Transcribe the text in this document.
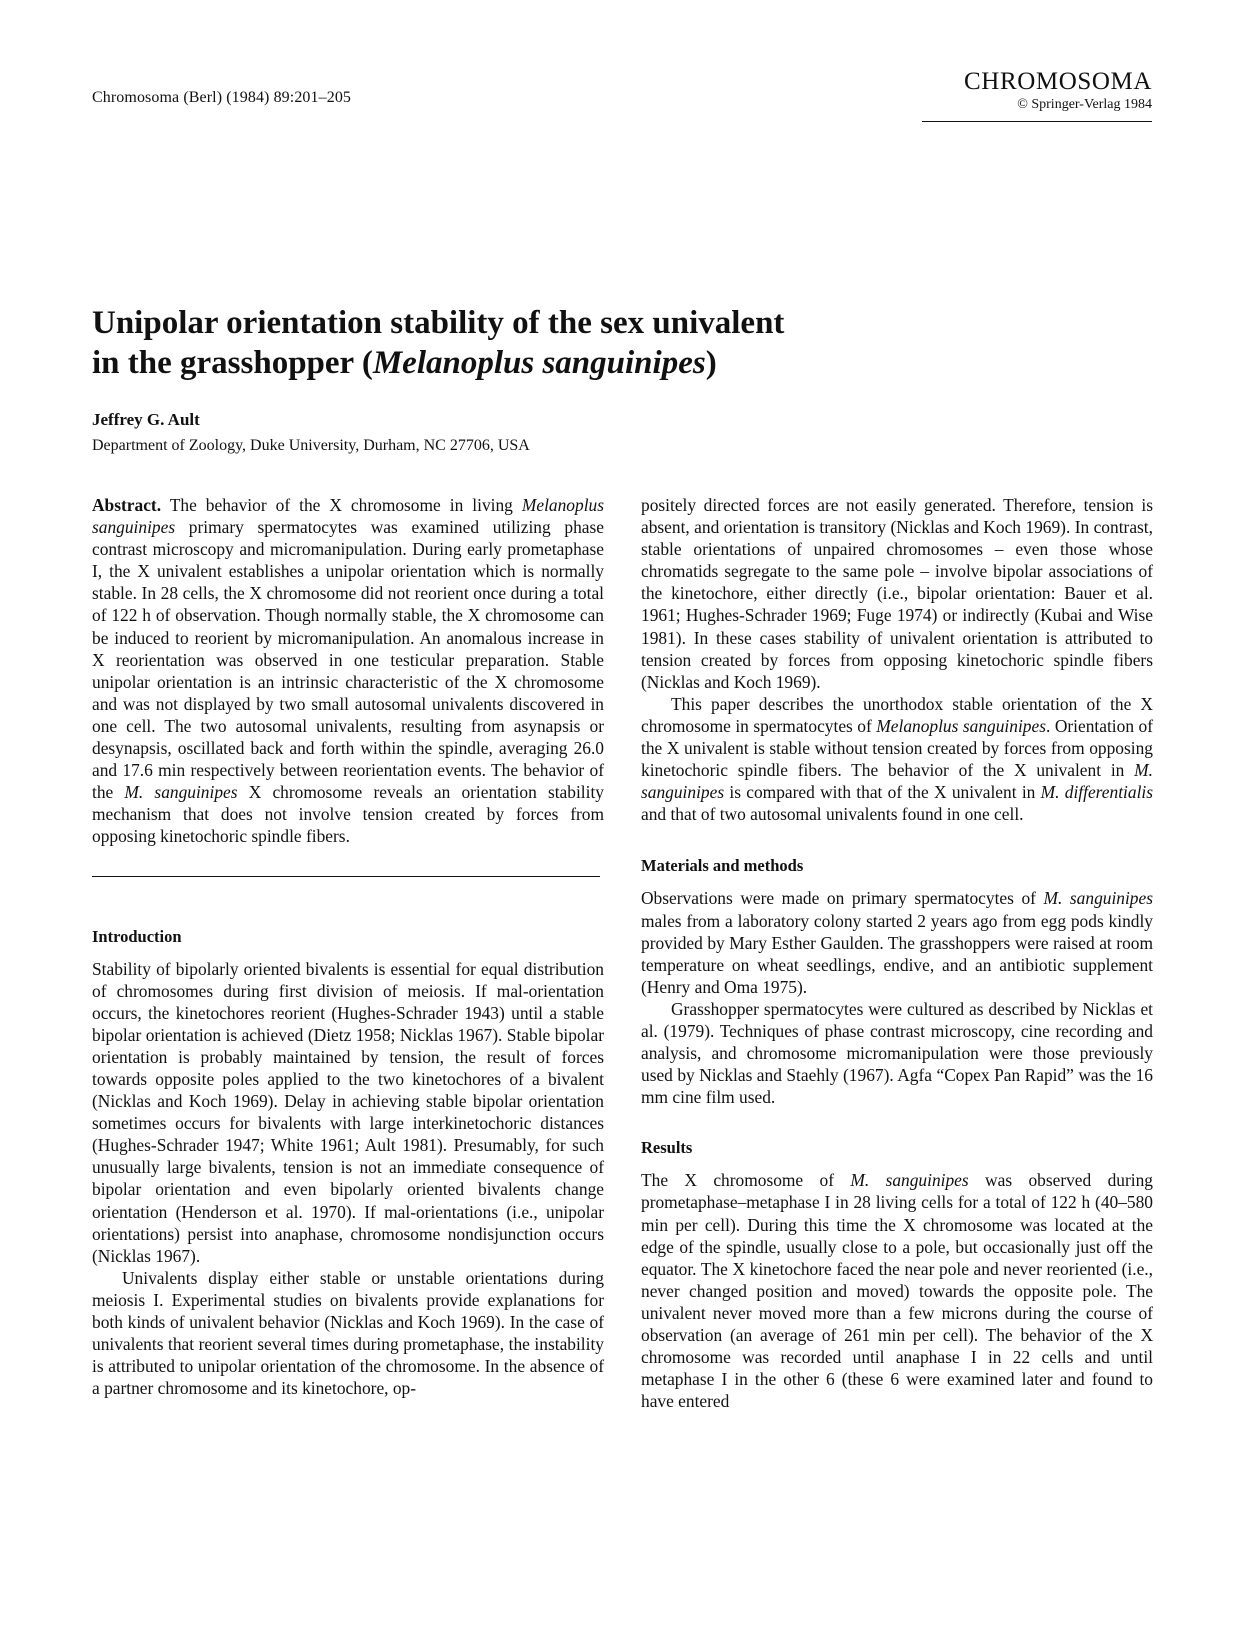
Chromosoma (Berl) (1984) 89:201–205
CHROMOSOMA
© Springer-Verlag 1984
Unipolar orientation stability of the sex univalent
in the grasshopper (Melanoplus sanguinipes)
Jeffrey G. Ault
Department of Zoology, Duke University, Durham, NC 27706, USA

Abstract. The behavior of the X chromosome in living Melanoplus sanguinipes primary spermatocytes was examined utilizing phase contrast microscopy and micromanipulation. During early prometaphase I, the X univalent establishes a unipolar orientation which is normally stable. In 28 cells, the X chromosome did not reorient once during a total of 122 h of observation. Though normally stable, the X chromosome can be induced to reorient by micromanipulation. An anomalous increase in X reorientation was observed in one testicular preparation. Stable unipolar orientation is an intrinsic characteristic of the X chromosome and was not displayed by two small autosomal univalents discovered in one cell. The two autosomal univalents, resulting from asynapsis or desynapsis, oscillated back and forth within the spindle, averaging 26.0 and 17.6 min respectively between reorientation events. The behavior of the M. sanguinipes X chromosome reveals an orientation stability mechanism that does not involve tension created by forces from opposing kinetochoric spindle fibers.

Introduction

Stability of bipolarly oriented bivalents is essential for equal distribution of chromosomes during first division of meiosis. If mal-orientation occurs, the kinetochores reorient (Hughes-Schrader 1943) until a stable bipolar orientation is achieved (Dietz 1958; Nicklas 1967). Stable bipolar orientation is probably maintained by tension, the result of forces towards opposite poles applied to the two kinetochores of a bivalent (Nicklas and Koch 1969). Delay in achieving stable bipolar orientation sometimes occurs for bivalents with large interkinetochoric distances (Hughes-Schrader 1947; White 1961; Ault 1981). Presumably, for such unusually large bivalents, tension is not an immediate consequence of bipolar orientation and even bipolarly oriented bivalents change orientation (Henderson et al. 1970). If mal-orientations (i.e., unipolar orientations) persist into anaphase, chromosome nondisjunction occurs (Nicklas 1967).

Univalents display either stable or unstable orientations during meiosis I. Experimental studies on bivalents provide explanations for both kinds of univalent behavior (Nicklas and Koch 1969). In the case of univalents that reorient several times during prometaphase, the instability is attributed to unipolar orientation of the chromosome. In the absence of a partner chromosome and its kinetochore, op-

positely directed forces are not easily generated. Therefore, tension is absent, and orientation is transitory (Nicklas and Koch 1969). In contrast, stable orientations of unpaired chromosomes – even those whose chromatids segregate to the same pole – involve bipolar associations of the kinetochore, either directly (i.e., bipolar orientation: Bauer et al. 1961; Hughes-Schrader 1969; Fuge 1974) or indirectly (Kubai and Wise 1981). In these cases stability of univalent orientation is attributed to tension created by forces from opposing kinetochoric spindle fibers (Nicklas and Koch 1969).

This paper describes the unorthodox stable orientation of the X chromosome in spermatocytes of Melanoplus sanguinipes. Orientation of the X univalent is stable without tension created by forces from opposing kinetochoric spindle fibers. The behavior of the X univalent in M. sanguinipes is compared with that of the X univalent in M. differentialis and that of two autosomal univalents found in one cell.

Materials and methods

Observations were made on primary spermatocytes of M. sanguinipes males from a laboratory colony started 2 years ago from egg pods kindly provided by Mary Esther Gaulden. The grasshoppers were raised at room temperature on wheat seedlings, endive, and an antibiotic supplement (Henry and Oma 1975).

Grasshopper spermatocytes were cultured as described by Nicklas et al. (1979). Techniques of phase contrast microscopy, cine recording and analysis, and chromosome micromanipulation were those previously used by Nicklas and Staehly (1967). Agfa “Copex Pan Rapid” was the 16 mm cine film used.

Results

The X chromosome of M. sanguinipes was observed during prometaphase–metaphase I in 28 living cells for a total of 122 h (40–580 min per cell). During this time the X chromosome was located at the edge of the spindle, usually close to a pole, but occasionally just off the equator. The X kinetochore faced the near pole and never reoriented (i.e., never changed position and moved) towards the opposite pole. The univalent never moved more than a few microns during the course of observation (an average of 261 min per cell). The behavior of the X chromosome was recorded until anaphase I in 22 cells and until metaphase I in the other 6 (these 6 were examined later and found to have entered
